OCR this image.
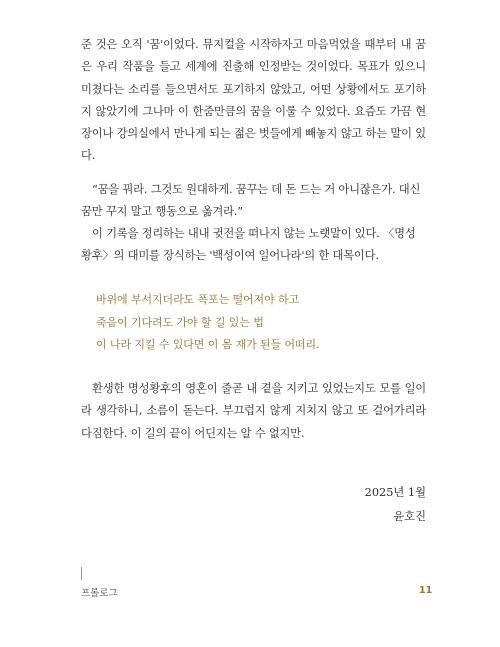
준 것은 오직 '꿈'이었다. 뮤지컬을 시작하자고 마음먹었을 때부터 내 꿈은 우리 작품을 들고 세계에 진출해 인정받는 것이었다. 목표가 있으니 미쳤다는 소리를 들으면서도 포기하지 않았고, 어떤 상황에서도 포기하지 않았기에 그나마 이 한줌만큼의 꿈을 이룰 수 있었다. 요즘도 가끔 현장이나 강의실에서 만나게 되는 젊은 벗들에게 빼놓지 않고 하는 말이 있다.

“꿈을 꿔라. 그것도 원대하게. 꿈꾸는 데 돈 드는 거 아니잖은가. 대신 꿈만 꾸지 말고 행동으로 옮겨라.”

이 기록을 정리하는 내내 귓전을 떠나지 않는 노랫말이 있다. 〈명성황후〉의 대미를 장식하는 '백성이여 일어나라'의 한 대목이다.

바위에 부서지더라도 폭포는 떨어져야 하고
죽음이 기다려도 가야 할 길 있는 법
이 나라 지킬 수 있다면 이 몸 재가 된들 어떠리.

환생한 명성황후의 영혼이 줄곧 내 곁을 지키고 있었는지도 모를 일이라 생각하니, 소름이 돋는다. 부끄럽지 않게 지치지 않고 또 걸어가리라 다짐한다. 이 길의 끝이 어딘지는 알 수 없지만.

2025년 1월
윤호진
프롤로그	11
